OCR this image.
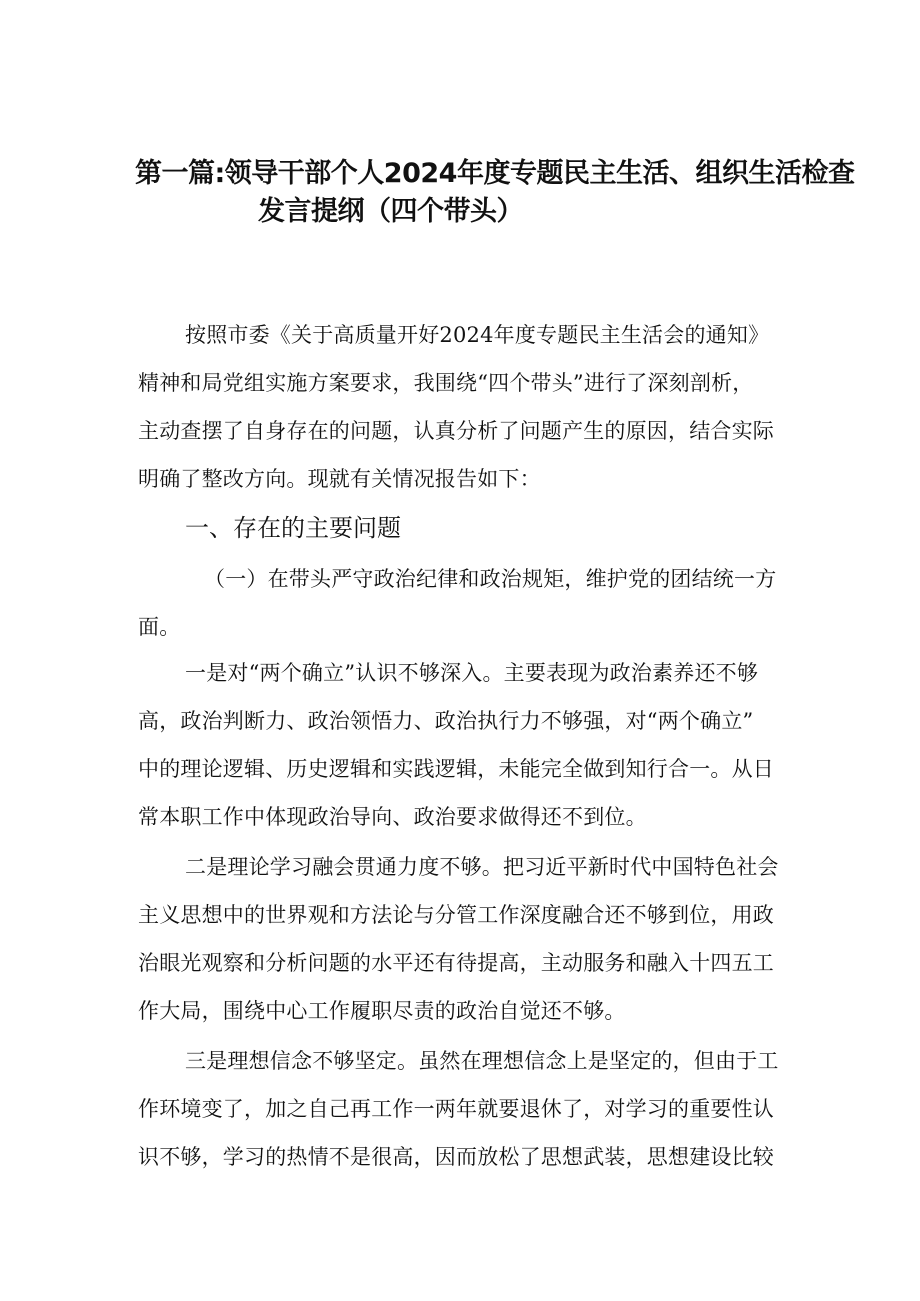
第一篇:领导干部个人2024年度专题民主生活、组织生活检查
发言提纲（四个带头）
按照市委《关于高质量开好2024年度专题民主生活会的通知》
精神和局党组实施方案要求，我围绕“四个带头”进行了深刻剖析，
主动查摆了自身存在的问题，认真分析了问题产生的原因，结合实际
明确了整改方向。现就有关情况报告如下：
一、存在的主要问题
（一）在带头严守政治纪律和政治规矩，维护党的团结统一方
面。
一是对“两个确立”认识不够深入。主要表现为政治素养还不够
高，政治判断力、政治领悟力、政治执行力不够强，对“两个确立”
中的理论逻辑、历史逻辑和实践逻辑，未能完全做到知行合一。从日
常本职工作中体现政治导向、政治要求做得还不到位。
二是理论学习融会贯通力度不够。把习近平新时代中国特色社会
主义思想中的世界观和方法论与分管工作深度融合还不够到位，用政
治眼光观察和分析问题的水平还有待提高，主动服务和融入十四五工
作大局，围绕中心工作履职尽责的政治自觉还不够。
三是理想信念不够坚定。虽然在理想信念上是坚定的，但由于工
作环境变了，加之自己再工作一两年就要退休了，对学习的重要性认
识不够，学习的热情不是很高，因而放松了思想武装，思想建设比较
